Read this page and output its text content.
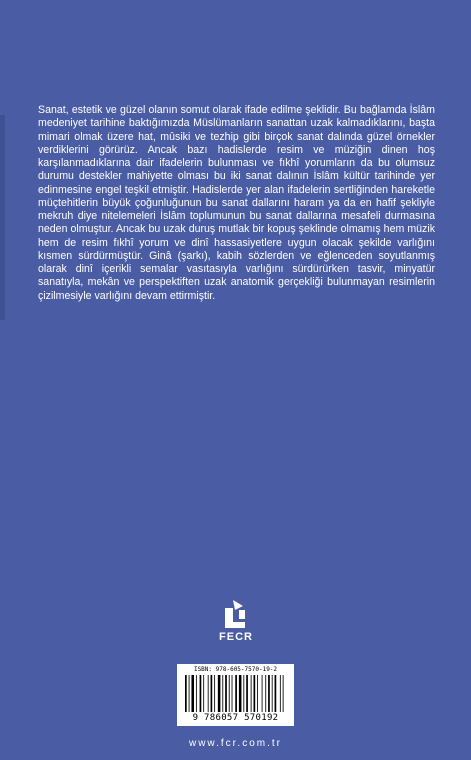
Sanat, estetik ve güzel olanın somut olarak ifade edilme şeklidir. Bu bağlamda İslâm medeniyet tarihine baktığımızda Müslümanların sanattan uzak kalmadıklarını, başta mimari olmak üzere hat, mûsiki ve tezhip gibi birçok sanat dalında güzel örnekler verdiklerini görürüz. Ancak bazı hadislerde resim ve müziğin dinen hoş karşılanmadıklarına dair ifadelerin bulunması ve fıkhî yorumların da bu olumsuz durumu destekler mahiyette olması bu iki sanat dalının İslâm kültür tarihinde yer edinmesine engel teşkil etmiştir. Hadislerde yer alan ifadelerin sertliğinden hareketle müçtehitlerin büyük çoğunluğunun bu sanat dallarını haram ya da en hafif şekliyle mekruh diye nitelemeleri İslâm toplumunun bu sanat dallarına mesafeli durmasına neden olmuştur. Ancak bu uzak duruş mutlak bir kopuş şeklinde olmamış hem müzik hem de resim fıkhî yorum ve dinî hassasiyetlere uygun olacak şekilde varlığını kısmen sürdürmüştür. Ginâ (şarkı), kabih sözlerden ve eğlenceden soyutlanmış olarak dinî içerikli semalar vasıtasıyla varlığını sürdürürken tasvir, minyatür sanatıyla, mekân ve perspektiften uzak anatomik gerçekliği bulunmayan resimlerin çizilmesiyle varlığını devam ettirmiştir.

FECR
ISBN: 978-605-7570-19-2
9 786057 570192
www.fcr.com.tr
